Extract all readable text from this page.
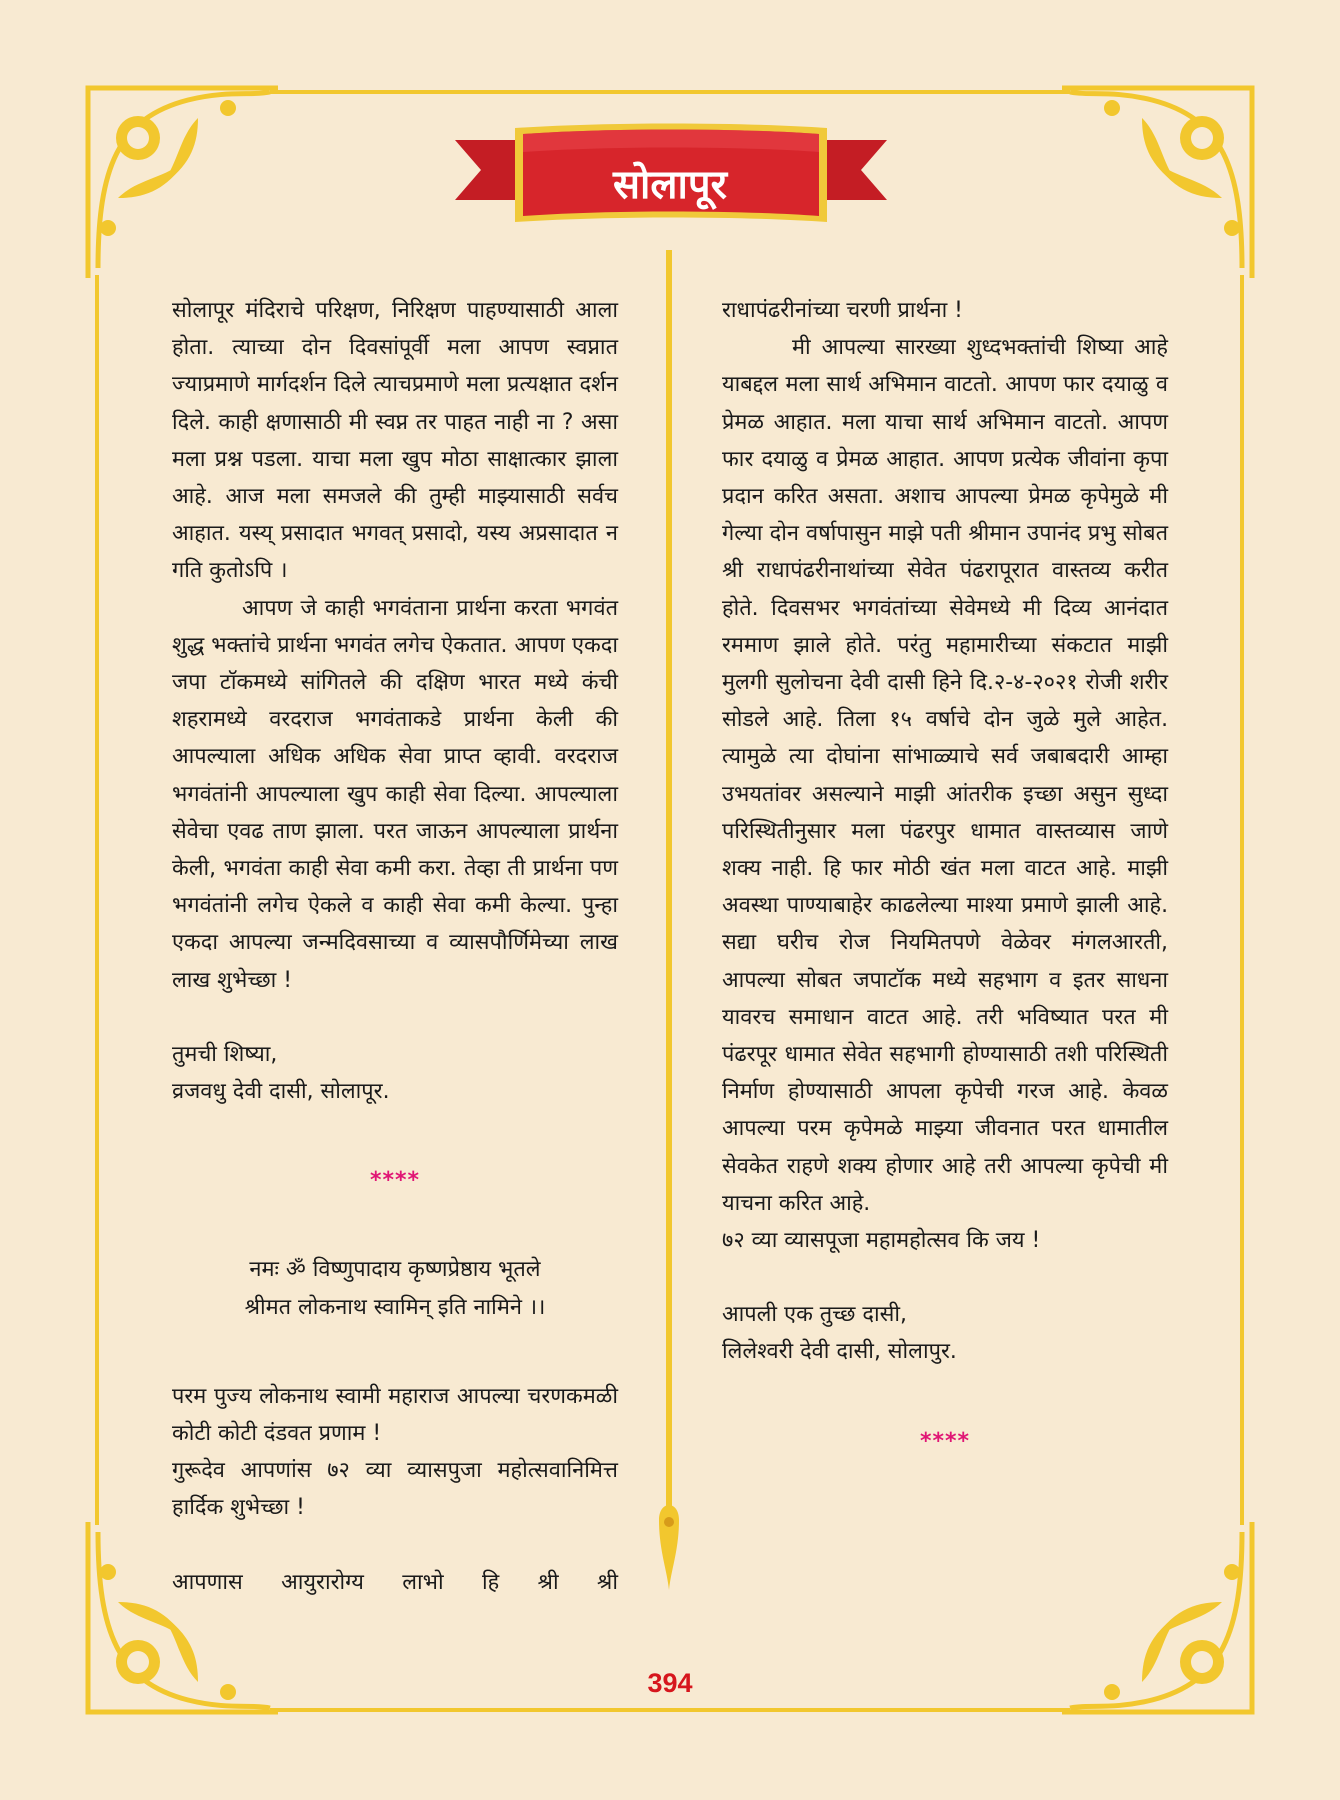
सोलापूर

सोलापूर मंदिराचे परिक्षण, निरिक्षण पाहण्यासाठी आला होता. त्याच्या दोन दिवसांपूर्वी मला आपण स्वप्नात ज्याप्रमाणे मार्गदर्शन दिले त्याचप्रमाणे मला प्रत्यक्षात दर्शन दिले. काही क्षणासाठी मी स्वप्न तर पाहत नाही ना ? असा मला प्रश्न पडला. याचा मला खुप मोठा साक्षात्कार झाला आहे. आज मला समजले की तुम्ही माझ्यासाठी सर्वच आहात. यस्य् प्रसादात भगवत् प्रसादो, यस्य अप्रसादात न गति कुतोऽपि ।

आपण जे काही भगवंताना प्रार्थना करता भगवंत शुद्ध भक्तांचे प्रार्थना भगवंत लगेच ऐकतात. आपण एकदा जपा टॉकमध्ये सांगितले की दक्षिण भारत मध्ये कंची शहरामध्ये वरदराज भगवंताकडे प्रार्थना केली की आपल्याला अधिक अधिक सेवा प्राप्त व्हावी. वरदराज भगवंतांनी आपल्याला खुप काही सेवा दिल्या. आपल्याला सेवेचा एवढ ताण झाला. परत जाऊन आपल्याला प्रार्थना केली, भगवंता काही सेवा कमी करा. तेव्हा ती प्रार्थना पण भगवंतांनी लगेच ऐकले व काही सेवा कमी केल्या. पुन्हा एकदा आपल्या जन्मदिवसाच्या व व्यासपौर्णिमेच्या लाख लाख शुभेच्छा !

तुमची शिष्या,

व्रजवधु देवी दासी, सोलापूर.

****

नमः ॐ विष्णुपादाय कृष्णप्रेष्ठाय भूतले

श्रीमत लोकनाथ स्वामिन् इति नामिने ।।

परम पुज्य लोकनाथ स्वामी महाराज आपल्या चरणकमळी कोटी कोटी दंडवत प्रणाम !

गुरूदेव आपणांस ७२ व्या व्यासपुजा महोत्सवानिमित्त हार्दिक शुभेच्छा !

आपणास आयुरारोग्य लाभो हि श्री श्री

राधापंढरीनांच्या चरणी प्रार्थना !

मी आपल्या सारख्या शुध्दभक्तांची शिष्या आहे याबद्दल मला सार्थ अभिमान वाटतो. आपण फार दयाळु व प्रेमळ आहात. मला याचा सार्थ अभिमान वाटतो. आपण फार दयाळु व प्रेमळ आहात. आपण प्रत्येक जीवांना कृपा प्रदान करित असता. अशाच आपल्या प्रेमळ कृपेमुळे मी गेल्या दोन वर्षापासुन माझे पती श्रीमान उपानंद प्रभु सोबत श्री राधापंढरीनाथांच्या सेवेत पंढरापूरात वास्तव्य करीत होते. दिवसभर भगवंतांच्या सेवेमध्ये मी दिव्य आनंदात रममाण झाले होते. परंतु महामारीच्या संकटात माझी मुलगी सुलोचना देवी दासी हिने दि.२-४-२०२१ रोजी शरीर सोडले आहे. तिला १५ वर्षाचे दोन जुळे मुले आहेत. त्यामुळे त्या दोघांना सांभाळ्याचे सर्व जबाबदारी आम्हा उभयतांवर असल्याने माझी आंतरीक इच्छा असुन सुध्दा परिस्थितीनुसार मला पंढरपुर धामात वास्तव्यास जाणे शक्य नाही. हि फार मोठी खंत मला वाटत आहे. माझी अवस्था पाण्याबाहेर काढलेल्या माश्या प्रमाणे झाली आहे. सद्या घरीच रोज नियमितपणे वेळेवर मंगलआरती, आपल्या सोबत जपाटॉक मध्ये सहभाग व इतर साधना यावरच समाधान वाटत आहे. तरी भविष्यात परत मी पंढरपूर धामात सेवेत सहभागी होण्यासाठी तशी परिस्थिती निर्माण होण्यासाठी आपला कृपेची गरज आहे. केवळ आपल्या परम कृपेमळे माझ्या जीवनात परत धामातील सेवकेत राहणे शक्य होणार आहे तरी आपल्या कृपेची मी याचना करित आहे.

७२ व्या व्यासपूजा महामहोत्सव कि जय !

आपली एक तुच्छ दासी,

लिलेश्वरी देवी दासी, सोलापुर.

****
394
